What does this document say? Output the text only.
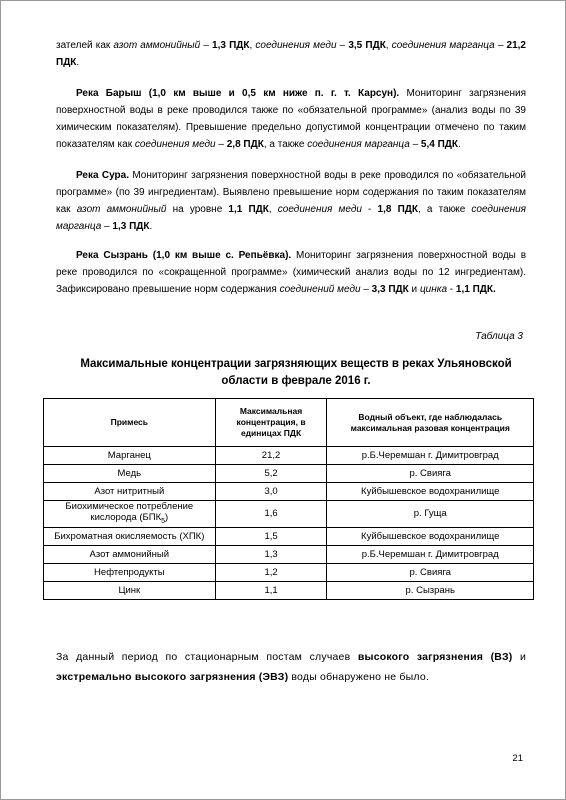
зателей как азот аммонийный – 1,3 ПДК, соединения меди – 3,5 ПДК, соединения марганца – 21,2 ПДК.

Река Барыш (1,0 км выше и 0,5 км ниже п. г. т. Карсун). Мониторинг загрязнения поверхностной воды в реке проводился также по «обязательной программе» (анализ воды по 39 химическим показателям). Превышение предельно допустимой концентрации отмечено по таким показателям как соединения меди – 2,8 ПДК, а также соединения марганца – 5,4 ПДК.

Река Сура. Мониторинг загрязнения поверхностной воды в реке проводился по «обязательной программе» (по 39 ингредиентам). Выявлено превышение норм содержания по таким показателям как азот аммонийный на уровне 1,1 ПДК, соединения меди - 1,8 ПДК, а также соединения марганца – 1,3 ПДК.

Река Сызрань (1,0 км выше с. Репьёвка). Мониторинг загрязнения поверхностной воды в реке проводился по «сокращенной программе» (химический анализ воды по 12 ингредиентам). Зафиксировано превышение норм содержания соединений меди – 3,3 ПДК и цинка - 1,1 ПДК.

Таблица 3
Максимальные концентрации загрязняющих веществ в реках Ульяновской области в феврале 2016 г.
Примесь	Максимальная концентрация, в единицах ПДК	Водный объект, где наблюдалась максимальная разовая концентрация
Марганец	21,2	р.Б.Черемшан г. Димитровград
Медь	5,2	р. Свияга
Азот нитритный	3,0	Куйбышевское водохранилище
Биохимическое потребление кислорода $(БПК_5)$	1,6	р. Гуща
Бихроматная окисляемость (ХПК)	1,5	Куйбышевское водохранилище
Азот аммонийный	1,3	р.Б.Черемшан г. Димитровград
Нефтепродукты	1,2	р. Свияга
Цинк	1,1	р. Сызрань
За данный период по стационарным постам случаев высокого загрязнения (ВЗ) и экстремально высокого загрязнения (ЭВЗ) воды обнаружено не было.
21
